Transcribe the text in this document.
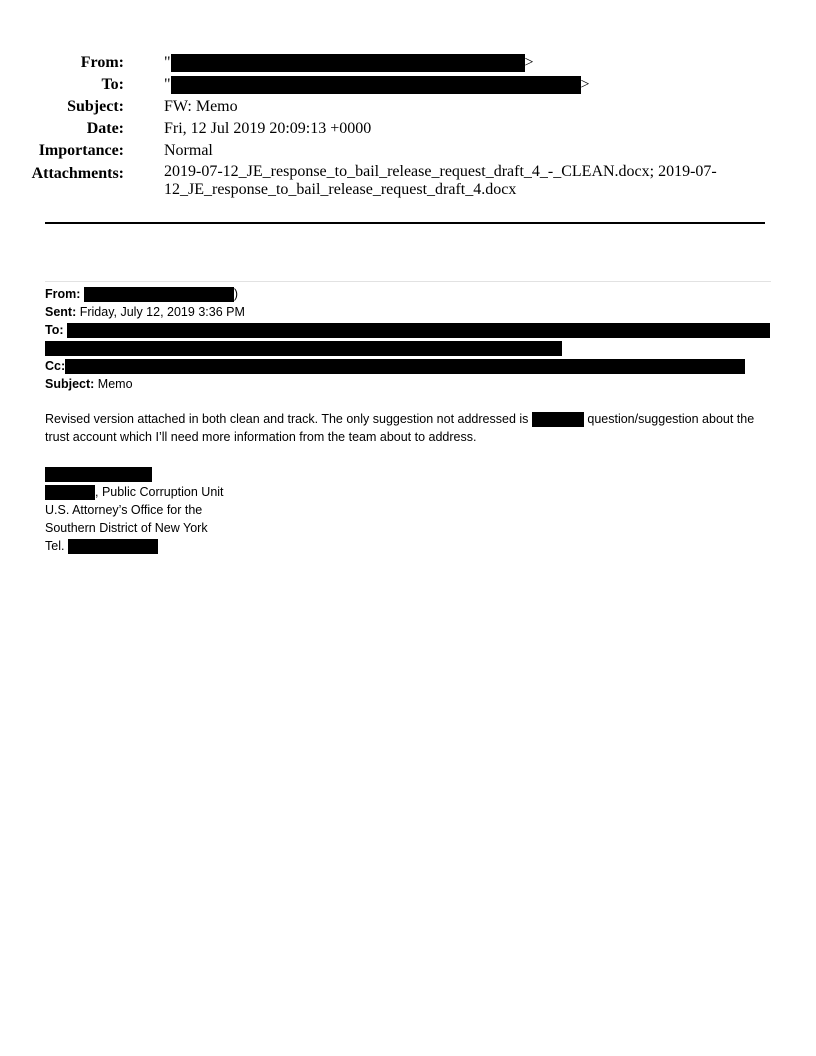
From:	"	>
To:	"	>
Subject:	FW: Memo
Date:	Fri, 12 Jul 2019 20:09:13 +0000
Importance:	Normal
Attachments:	2019-07-12_JE_response_to_bail_release_request_draft_4_-_CLEAN.docx; 2019-07-12_JE_response_to_bail_release_request_draft_4.docx
From:	)
Sent: Friday, July 12, 2019 3:36 PM
To:
Cc:
Subject: Memo
Revised version attached in both clean and track. The only suggestion not addressed is	question/suggestion about the trust account which I’ll need more information from the team about to address.
, Public Corruption Unit
U.S. Attorney’s Office for the
Southern District of New York
Tel.
